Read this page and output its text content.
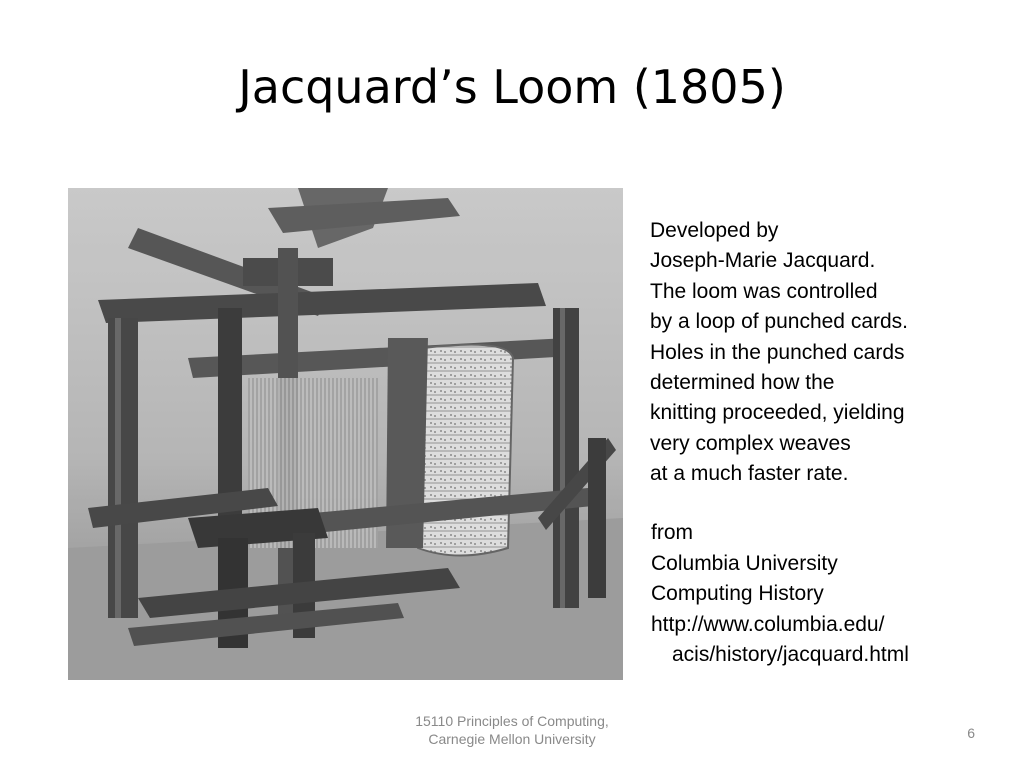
Jacquard’s Loom (1805)
Developed by
Joseph-Marie Jacquard.
The loom was controlled
by a loop of punched cards.
Holes in the punched cards
determined how the
knitting proceeded, yielding
very complex weaves
at a much faster rate.
from
Columbia University
Computing History
http://www.columbia.edu/
acis/history/jacquard.html
15110 Principles of Computing,
Carnegie Mellon University	6
